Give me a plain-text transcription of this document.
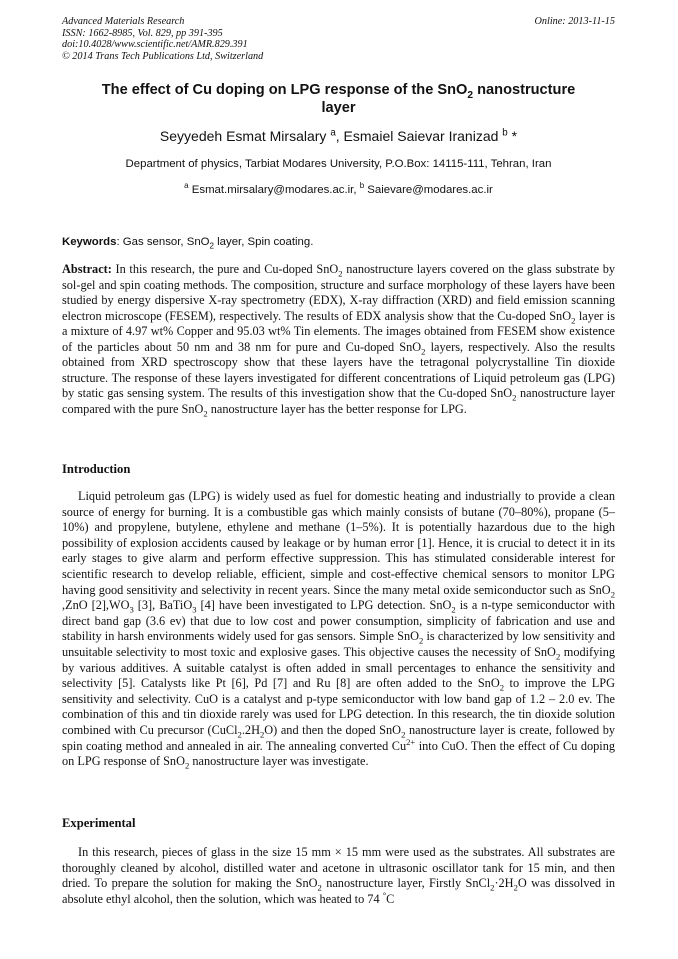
Advanced Materials Research
ISSN: 1662-8985, Vol. 829, pp 391-395
doi:10.4028/www.scientific.net/AMR.829.391
© 2014 Trans Tech Publications Ltd, Switzerland
Online: 2013-11-15
The effect of Cu doping on LPG response of the SnO$_2$ nanostructure
layer
Seyyedeh Esmat Mirsalary $^a$, Esmaiel Saievar Iranizad $^b$ *
Department of physics, Tarbiat Modares University, P.O.Box: 14115-111, Tehran, Iran
$^a$ Esmat.mirsalary@modares.ac.ir, $^b$ Saievare@modares.ac.ir
Keywords: Gas sensor, SnO$_2$ layer, Spin coating.

Abstract: In this research, the pure and Cu-doped SnO$_2$ nanostructure layers covered on the glass substrate by sol-gel and spin coating methods. The composition, structure and surface morphology of these layers have been studied by energy dispersive X-ray spectrometry (EDX), X-ray diffraction (XRD) and field emission scanning electron microscope (FESEM), respectively. The results of EDX analysis show that the Cu-doped SnO$_2$ layer is a mixture of 4.97 wt% Copper and 95.03 wt% Tin elements. The images obtained from FESEM show existence of the particles about 50 nm and 38 nm for pure and Cu-doped SnO$_2$ layers, respectively. Also the results obtained from XRD spectroscopy show that these layers have the tetragonal polycrystalline Tin dioxide structure. The response of these layers investigated for different concentrations of Liquid petroleum gas (LPG) by static gas sensing system. The results of this investigation show that the Cu-doped SnO$_2$ nanostructure layer compared with the pure SnO$_2$ nanostructure layer has the better response for LPG.

Introduction

Liquid petroleum gas (LPG) is widely used as fuel for domestic heating and industrially to provide a clean source of energy for burning. It is a combustible gas which mainly consists of butane (70–80%), propane (5–10%) and propylene, butylene, ethylene and methane (1–5%). It is potentially hazardous due to the high possibility of explosion accidents caused by leakage or by human error [1]. Hence, it is crucial to detect it in its early stages to give alarm and perform effective suppression. This has stimulated considerable interest for scientific research to develop reliable, efficient, simple and cost-effective chemical sensors to monitor LPG having good sensitivity and selectivity in recent years. Since the many metal oxide semiconductor such as SnO$_2$ ,ZnO $[2],WO_3$ [3], BaTiO$_3$ [4] have been investigated to LPG detection. SnO$_2$ is a n-type semiconductor with direct band gap (3.6 ev) that due to low cost and power consumption, simplicity of fabrication and use and stability in harsh environments widely used for gas sensors. Simple SnO$_2$ is characterized by low sensitivity and unsuitable selectivity to most toxic and explosive gases. This objective causes the necessity of SnO$_2$ modifying by various additives. A suitable catalyst is often added in small percentages to enhance the sensitivity and selectivity [5]. Catalysts like Pt [6], Pd [7] and Ru [8] are often added to the SnO$_2$ to improve the LPG sensitivity and selectivity. CuO is a catalyst and p-type semiconductor with low band gap of 1.2 – 2.0 ev. The combination of this and tin dioxide rarely was used for LPG detection. In this research, the tin dioxide solution combined with Cu precursor $(CuCl_2.2H_2O)$ and then the doped SnO$_2$ nanostructure layer is create, followed by spin coating method and annealed in air. The annealing converted $Cu^{2+}$ into CuO. Then the effect of Cu doping on LPG response of SnO$_2$ nanostructure layer was investigate.

Experimental

In this research, pieces of glass in the size 15 mm × 15 mm were used as the substrates. All substrates are thoroughly cleaned by alcohol, distilled water and acetone in ultrasonic oscillator tank for 15 min, and then dried. To prepare the solution for making the SnO$_2$ nanostructure layer, Firstly $SnCl_2\cdot 2H_2O$ was dissolved in absolute ethyl alcohol, then the solution, which was heated to 74 °C
